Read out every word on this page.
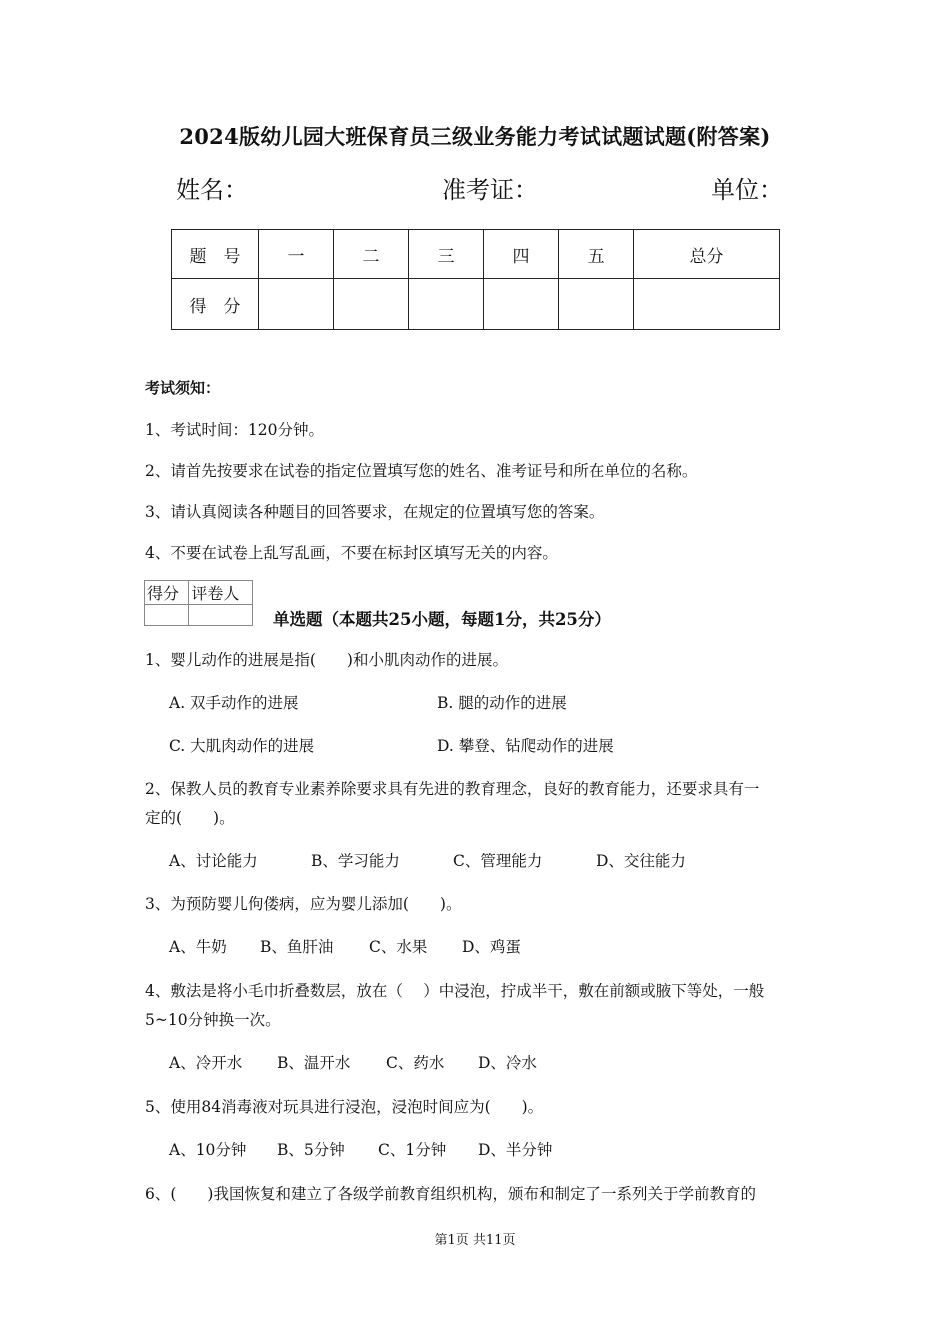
2024版幼儿园大班保育员三级业务能力考试试题试题(附答案)
姓名：	准考证：	单位：
题　号	一	二	三	四	五	总分
得　分						
考试须知：
1、考试时间：120分钟。
2、请首先按要求在试卷的指定位置填写您的姓名、准考证号和所在单位的名称。
3、请认真阅读各种题目的回答要求，在规定的位置填写您的答案。
4、不要在试卷上乱写乱画，不要在标封区填写无关的内容。
得分	评卷人

单选题（本题共25小题，每题1分，共25分）
1、婴儿动作的进展是指(　　)和小肌肉动作的进展。
A. 双手动作的进展	B. 腿的动作的进展
C. 大肌肉动作的进展	D. 攀登、钻爬动作的进展
2、保教人员的教育专业素养除要求具有先进的教育理念，良好的教育能力，还要求具有一
定的(　　)。
A、讨论能力	B、学习能力	C、管理能力	D、交往能力
3、为预防婴儿佝偻病，应为婴儿添加(　　)。
A、牛奶 B、鱼肝油 C、水果 D、鸡蛋
4、敷法是将小毛巾折叠数层，放在（　 ）中浸泡，拧成半干，敷在前额或腋下等处，一般
5~10分钟换一次。
A、冷开水 B、温开水 C、药水 D、冷水
5、使用84消毒液对玩具进行浸泡，浸泡时间应为(　　)。
A、10分钟 B、5分钟 C、1分钟 D、半分钟
6、(　　)我国恢复和建立了各级学前教育组织机构，颁布和制定了一系列关于学前教育的
第1页 共11页
